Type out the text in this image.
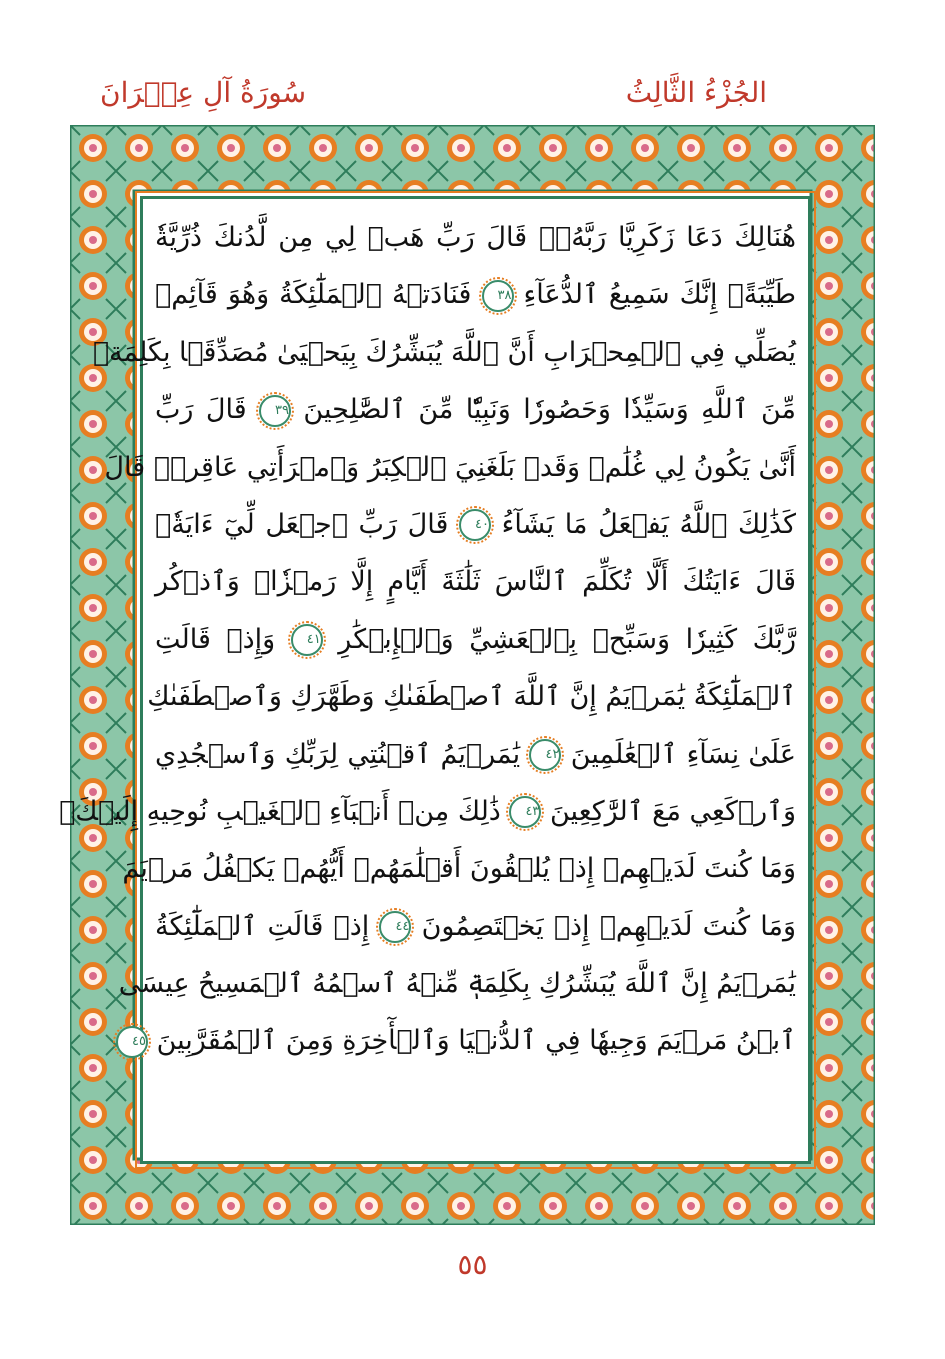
الجُزْءُ الثَّالِثُ
سُورَةُ آلِ عِمۡرَانَ
هُنَالِكَ دَعَا زَكَرِيَّا رَبَّهُۥۖ قَالَ رَبِّ هَبۡ لِي مِن لَّدُنكَ ذُرِّيَّةٗ
طَيِّبَةًۖ إِنَّكَ سَمِيعُ ٱلدُّعَآءِ ٣٨ فَنَادَتۡهُ ٱلۡمَلَٰٓئِكَةُ وَهُوَ قَآئِمٞ
يُصَلِّي فِي ٱلۡمِحۡرَابِ أَنَّ ٱللَّهَ يُبَشِّرُكَ بِيَحۡيَىٰ مُصَدِّقَۢا بِكَلِمَةٖ
مِّنَ ٱللَّهِ وَسَيِّدٗا وَحَصُورٗا وَنَبِيّٗا مِّنَ ٱلصَّٰلِحِينَ ٣٩ قَالَ رَبِّ
أَنَّىٰ يَكُونُ لِي غُلَٰمٞ وَقَدۡ بَلَغَنِيَ ٱلۡكِبَرُ وَٱمۡرَأَتِي عَاقِرٞۖ قَالَ
كَذَٰلِكَ ٱللَّهُ يَفۡعَلُ مَا يَشَآءُ ٤٠ قَالَ رَبِّ ٱجۡعَل لِّيٓ ءَايَةٗۖ
قَالَ ءَايَتُكَ أَلَّا تُكَلِّمَ ٱلنَّاسَ ثَلَٰثَةَ أَيَّامٍ إِلَّا رَمۡزٗاۗ وَٱذۡكُر
رَّبَّكَ كَثِيرٗا وَسَبِّحۡ بِٱلۡعَشِيِّ وَٱلۡإِبۡكَٰرِ ٤١ وَإِذۡ قَالَتِ
ٱلۡمَلَٰٓئِكَةُ يَٰمَرۡيَمُ إِنَّ ٱللَّهَ ٱصۡطَفَىٰكِ وَطَهَّرَكِ وَٱصۡطَفَىٰكِ
عَلَىٰ نِسَآءِ ٱلۡعَٰلَمِينَ ٤٢ يَٰمَرۡيَمُ ٱقۡنُتِي لِرَبِّكِ وَٱسۡجُدِي
وَٱرۡكَعِي مَعَ ٱلرَّٰكِعِينَ ٤٣ ذَٰلِكَ مِنۡ أَنۢبَآءِ ٱلۡغَيۡبِ نُوحِيهِ إِلَيۡكَۚ
وَمَا كُنتَ لَدَيۡهِمۡ إِذۡ يُلۡقُونَ أَقۡلَٰمَهُمۡ أَيُّهُمۡ يَكۡفُلُ مَرۡيَمَ
وَمَا كُنتَ لَدَيۡهِمۡ إِذۡ يَخۡتَصِمُونَ ٤٤ إِذۡ قَالَتِ ٱلۡمَلَٰٓئِكَةُ
يَٰمَرۡيَمُ إِنَّ ٱللَّهَ يُبَشِّرُكِ بِكَلِمَةٖ مِّنۡهُ ٱسۡمُهُ ٱلۡمَسِيحُ عِيسَى
ٱبۡنُ مَرۡيَمَ وَجِيهٗا فِي ٱلدُّنۡيَا وَٱلۡأٓخِرَةِ وَمِنَ ٱلۡمُقَرَّبِينَ ٤٥
٥٥
